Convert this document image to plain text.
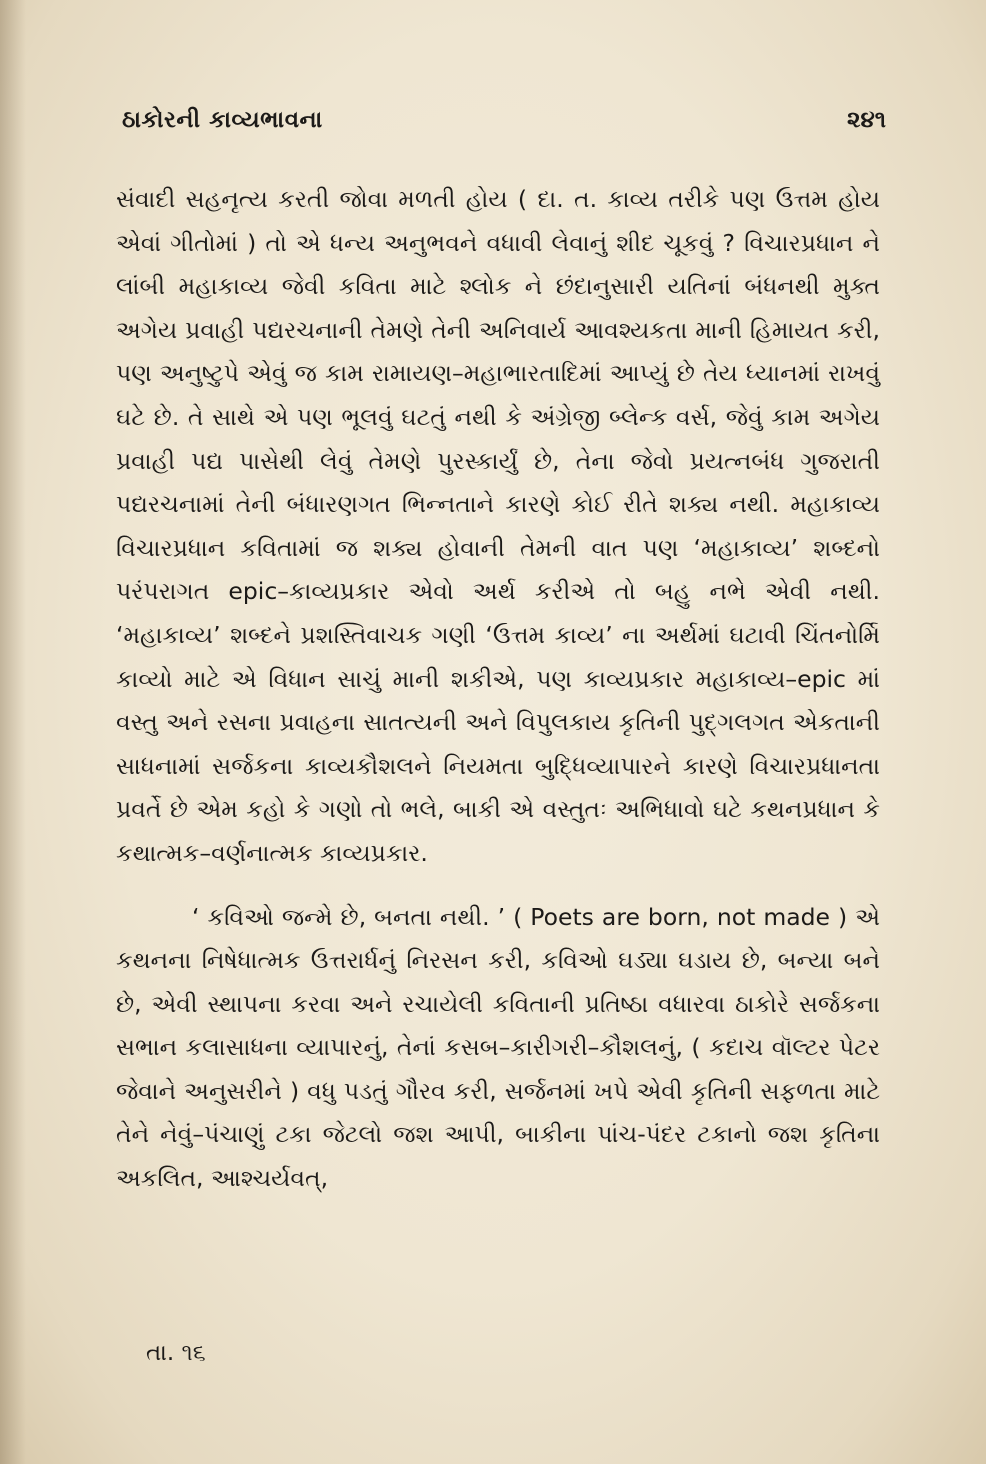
ઠાકોરની કાવ્યભાવના	૨૪૧

સંવાદી સહનૃત્ય કરતી જોવા મળતી હોય ( દા. ત. કાવ્ય તરીકે પણ ઉત્તમ હોય એવાં ગીતોમાં ) તો એ ધન્ય અનુભવને વધાવી લેવાનું શીદ ચૂકવું ? વિચારપ્રધાન ને લાંબી મહાકાવ્ય જેવી કવિતા માટે શ્લોક ને છંદાનુસારી યતિનાં બંધનથી મુક્ત અગેય પ્રવાહી પદ્યરચનાની તેમણે તેની અનિવાર્ય આવશ્યકતા માની હિમાયત કરી, પણ અનુષ્ટુપે એવું જ કામ રામાયણ–મહાભારતાદિમાં આપ્યું છે તેય ધ્યાનમાં રાખવું ઘટે છે. તે સાથે એ પણ ભૂલવું ઘટતું નથી કે અંગ્રેજી બ્લેન્ક વર્સ, જેવું કામ અગેય પ્રવાહી પદ્ય પાસેથી લેવું તેમણે પુરસ્કાર્યું છે, તેના જેવો પ્રયત્નબંધ ગુજરાતી પદ્યરચનામાં તેની બંધારણગત ભિન્નતાને કારણે કોઈ રીતે શક્ય નથી. મહાકાવ્ય વિચારપ્રધાન કવિતામાં જ શક્ય હોવાની તેમની વાત પણ ‘મહાકાવ્ય’ શબ્દનો પરંપરાગત epic–કાવ્યપ્રકાર એવો અર્થ કરીએ તો બહુ નભે એવી નથી. ‘મહાકાવ્ય’ શબ્દને પ્રશસ્તિવાચક ગણી ‘ઉત્તમ કાવ્ય’ ના અર્થમાં ઘટાવી ચિંતનોર્મિ કાવ્યો માટે એ વિધાન સાચું માની શકીએ, પણ કાવ્યપ્રકાર મહાકાવ્ય–epic માં વસ્તુ અને રસના પ્રવાહના સાતત્યની અને વિપુલકાય કૃતિની પુદ્ગલગત એકતાની સાધનામાં સર્જકના કાવ્યકૌશલને નિયમતા બુદ્ધિવ્યાપારને કારણે વિચારપ્રધાનતા પ્રવર્તે છે એમ કહો કે ગણો તો ભલે, બાકી એ વસ્તુતઃ અભિધાવો ઘટે કથનપ્રધાન કે કથાત્મક–વર્ણનાત્મક કાવ્યપ્રકાર.

‘ કવિઓ જન્મે છે, બનતા નથી. ’ ( Poets are born, not made ) એ કથનના નિષેધાત્મક ઉત્તરાર્ધનું નિરસન કરી, કવિઓ ઘડ્યા ઘડાય છે, બન્યા બને છે, એવી સ્થાપના કરવા અને રચાયેલી કવિતાની પ્રતિષ્ઠા વધારવા ઠાકોરે સર્જકના સભાન કલાસાધના વ્યાપારનું, તેનાં કસબ–કારીગરી–કૌશલનું, ( કદાચ વૉલ્ટર પેટર જેવાને અનુસરીને ) વધુ પડતું ગૌરવ કરી, સર્જનમાં ખપે એવી કૃતિની સફળતા માટે તેને નેવું–પંચાણું ટકા જેટલો જશ આપી, બાકીના પાંચ-પંદર ટકાનો જશ કૃતિના અકલિત, આશ્ચર્યવત્,

તા. ૧૬
